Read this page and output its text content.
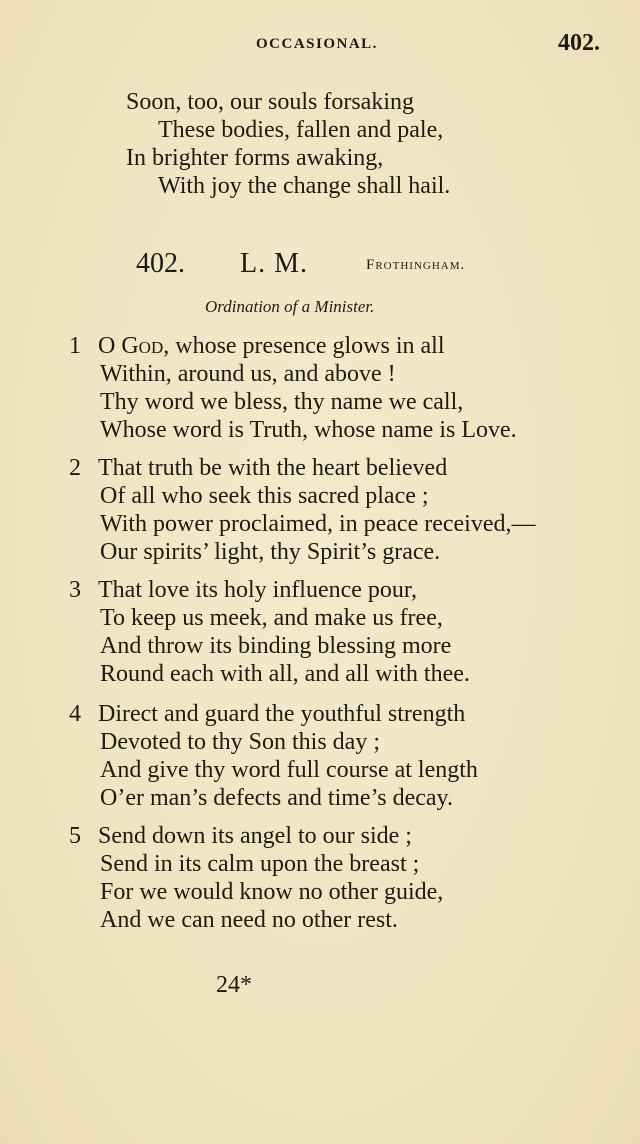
OCCASIONAL.	402.
Soon, too, our souls forsaking
These bodies, fallen and pale,
In brighter forms awaking,
With joy the change shall hail.
402. L. M.	Frothingham.
Ordination of a Minister.
1 O God, whose presence glows in all
Within, around us, and above !
Thy word we bless, thy name we call,
Whose word is Truth, whose name is Love.
2 That truth be with the heart believed
Of all who seek this sacred place ;
With power proclaimed, in peace received,—
Our spirits’ light, thy Spirit’s grace.
3 That love its holy influence pour,
To keep us meek, and make us free,
And throw its binding blessing more
Round each with all, and all with thee.
4 Direct and guard the youthful strength
Devoted to thy Son this day ;
And give thy word full course at length
O’er man’s defects and time’s decay.
5 Send down its angel to our side ;
Send in its calm upon the breast ;
For we would know no other guide,
And we can need no other rest.
24*
